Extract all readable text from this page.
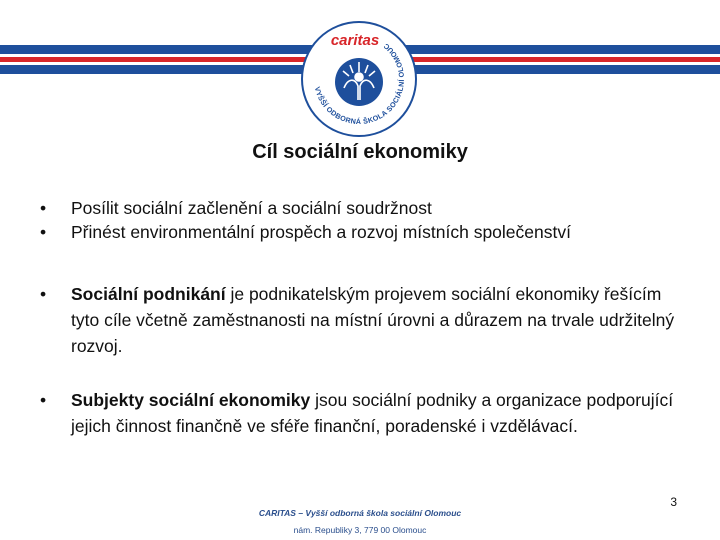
VYŠŠÍ ODBORNÁ ŠKOLA SOCIÁLNÍ OLOMOUC
caritas
Cíl sociální ekonomiky
• Posílit sociální začlenění a sociální soudržnost
• Přinést environmentální prospěch a rozvoj místních společenství
• Sociální podnikání je podnikatelským projevem sociální ekonomiky řešícím tyto cíle včetně zaměstnanosti na místní úrovni a důrazem na trvale udržitelný rozvoj.
• Subjekty sociální ekonomiky jsou sociální podniky a organizace podporující jejich činnost finančně ve sféře finanční, poradenské i vzdělávací.
3
CARITAS – Vyšší odborná škola sociální Olomouc
nám. Republiky 3, 779 00 Olomouc
